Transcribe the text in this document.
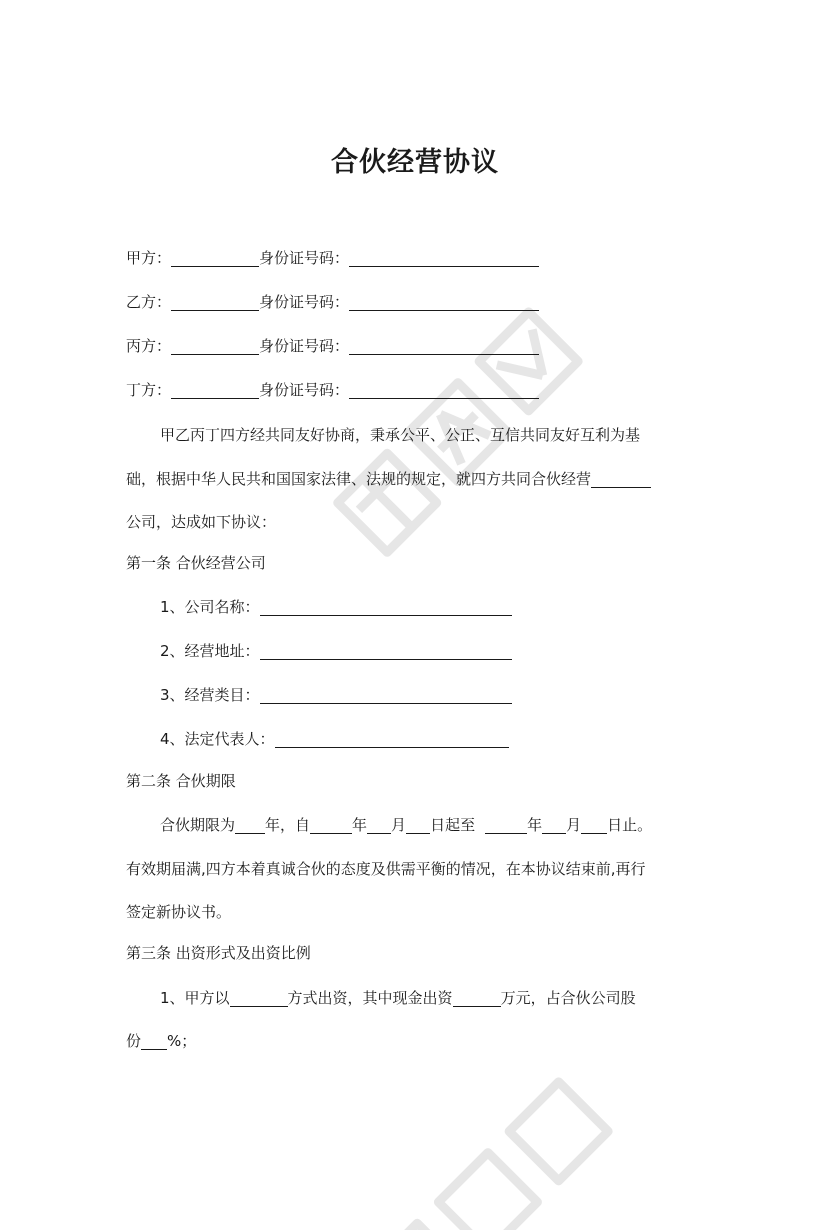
合伙经营协议
甲方：	身份证号码：
乙方：	身份证号码：
丙方：	身份证号码：
丁方：	身份证号码：
甲乙丙丁四方经共同友好协商，秉承公平、公正、互信共同友好互利为基
础，根据中华人民共和国国家法律、法规的规定，就四方共同合伙经营
公司，达成如下协议：
第一条 合伙经营公司
1、公司名称：
2、经营地址：
3、经营类目：
4、法定代表人：
第二条 合伙期限
合伙期限为 年，自	年 月 日起至	年 月 日止。
有效期届满,四方本着真诚合伙的态度及供需平衡的情况，在本协议结束前,再行
签定新协议书。
第三条 出资形式及出资比例
1、甲方以	方式出资，其中现金出资	万元，占合伙公司股
份 %；
